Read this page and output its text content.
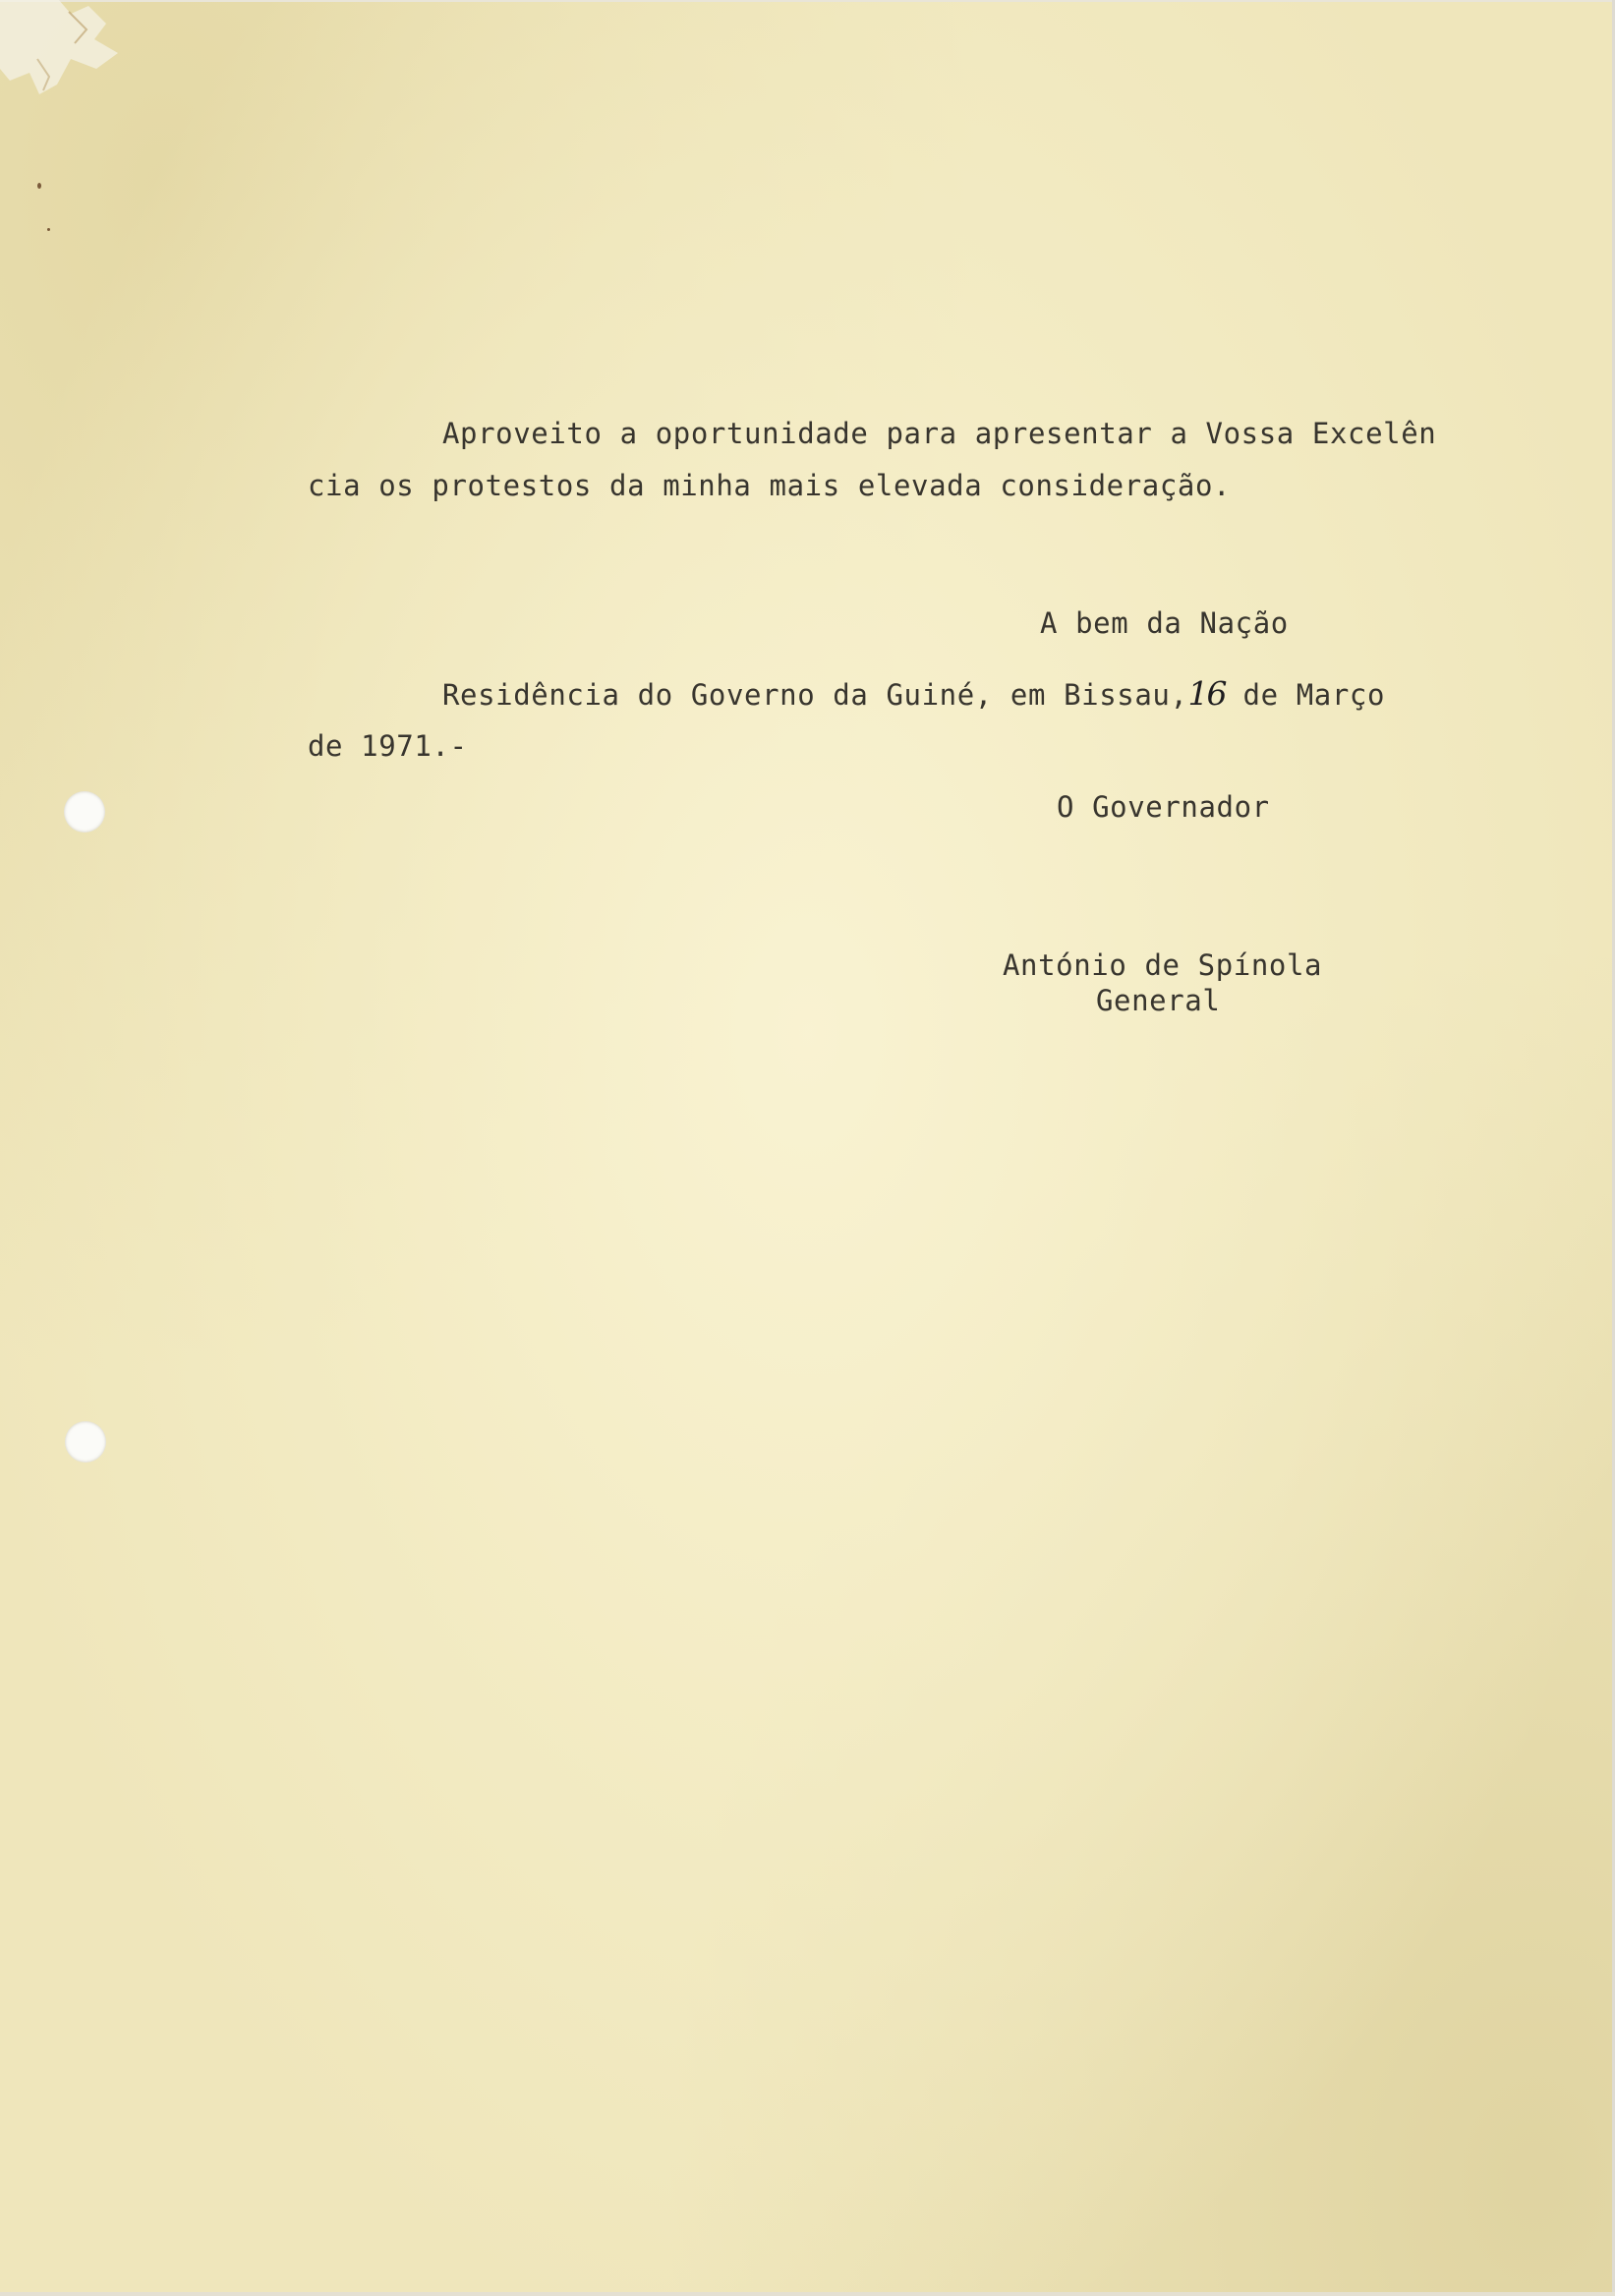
Aproveito a oportunidade para apresentar a Vossa Excelên
cia os protestos da minha mais elevada consideração.
A bem da Nação
Residência do Governo da Guiné, em Bissau,16 de Março
de 1971.-
O Governador
António de Spínola
General
